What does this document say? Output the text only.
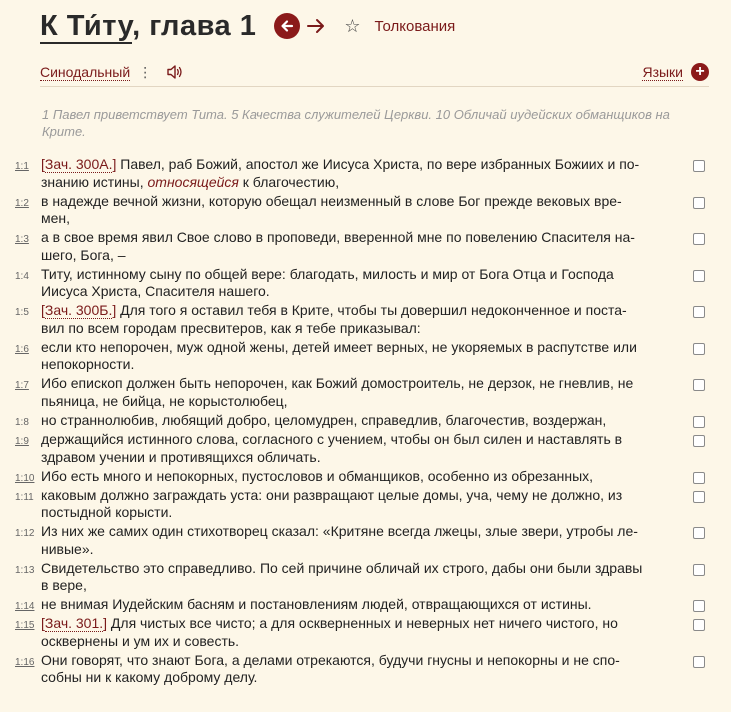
К Ти́ту, глава 1	☆ Толкования
Синодальный ⋮	Языки +
1 Павел приветствует Тита. 5 Качества служителей Церкви. 10 Обличай иудейских обманщиков на Крите.
1:1 [Зач. 300А.] Павел, раб Божий, апостол же Иисуса Христа, по вере избранных Божиих и по-
знанию истины, относящейся к благочестию,
1:2 в надежде вечной жизни, которую обещал неизменный в слове Бог прежде вековых вре-
мен,
1:3 а в свое время явил Свое слово в проповеди, вверенной мне по повелению Спасителя на-
шего, Бога, –
1:4 Титу, истинному сыну по общей вере: благодать, милость и мир от Бога Отца и Господа
Иисуса Христа, Спасителя нашего.
1:5 [Зач. 300Б.] Для того я оставил тебя в Крите, чтобы ты довершил недоконченное и поста-
вил по всем городам пресвитеров, как я тебе приказывал:
1:6 если кто непорочен, муж одной жены, детей имеет верных, не укоряемых в распутстве или
непокорности.
1:7 Ибо епископ должен быть непорочен, как Божий домостроитель, не дерзок, не гневлив, не
пьяница, не бийца, не корыстолюбец,
1:8 но страннолюбив, любящий добро, целомудрен, справедлив, благочестив, воздержан,
1:9 держащийся истинного слова, согласного с учением, чтобы он был силен и наставлять в
здравом учении и противящихся обличать.
1:10 Ибо есть много и непокорных, пустословов и обманщиков, особенно из обрезанных,
1:11 каковым должно заграждать уста: они развращают целые домы, уча, чему не должно, из
постыдной корысти.
1:12 Из них же самих один стихотворец сказал: «Критяне всегда лжецы, злые звери, утробы ле-
нивые».
1:13 Свидетельство это справедливо. По сей причине обличай их строго, дабы они были здравы
в вере,
1:14 не внимая Иудейским басням и постановлениям людей, отвращающихся от истины.
1:15 [Зач. 301.] Для чистых все чисто; а для оскверненных и неверных нет ничего чистого, но
осквернены и ум их и совесть.
1:16 Они говорят, что знают Бога, а делами отрекаются, будучи гнусны и непокорны и не спо-
собны ни к какому доброму делу.
